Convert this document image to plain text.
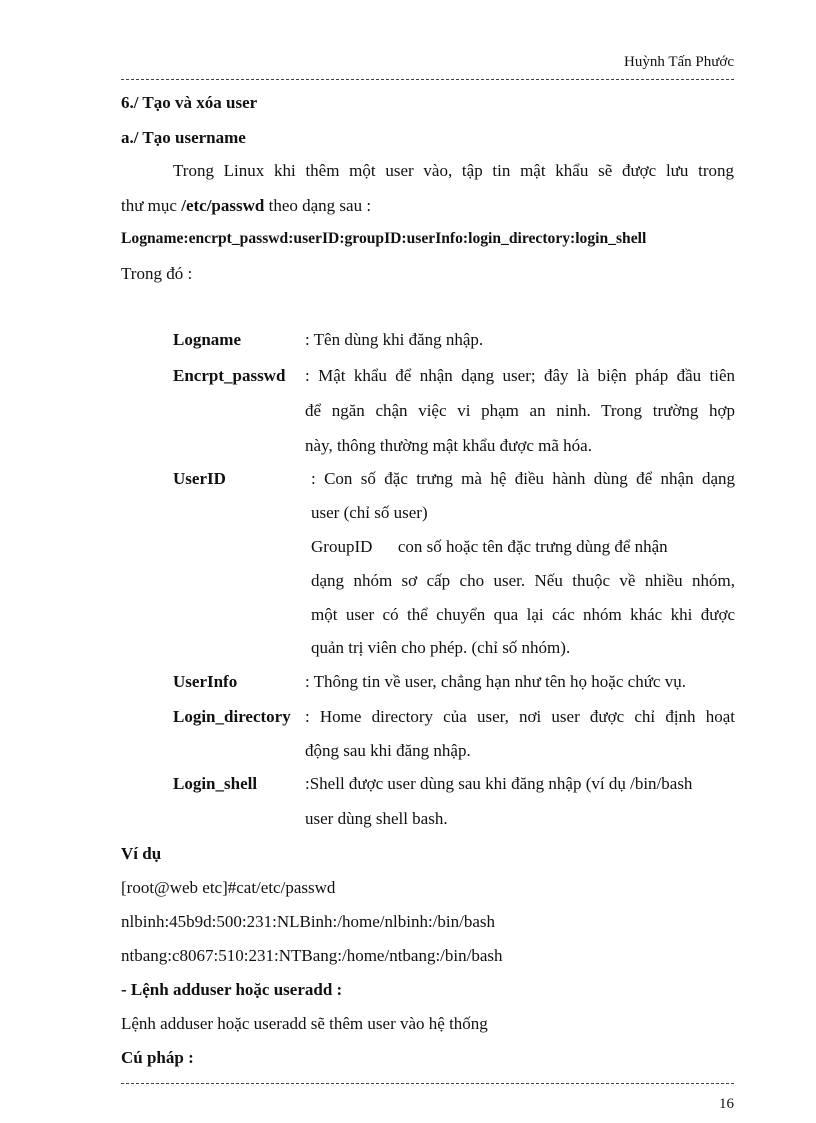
Huỳnh Tấn Phước
6./ Tạo và xóa user
a./ Tạo username
Trong Linux khi thêm một user vào, tập tin mật khẩu sẽ được lưu trong
thư mục /etc/passwd theo dạng sau :
Logname:encrpt_passwd:userID:groupID:userInfo:login_directory:login_shell
Trong đó :
Logname	: Tên dùng khi đăng nhập.
Encrpt_passwd : Mật khẩu để nhận dạng user; đây là biện pháp đầu tiên
để ngăn chận việc vi phạm an ninh. Trong trường hợp
này, thông thường mật khẩu được mã hóa.
UserID	: Con số đặc trưng mà hệ điều hành dùng để nhận dạng
user (chỉ số user)
GroupID      con số hoặc tên đặc trưng dùng để nhận
dạng nhóm sơ cấp cho user. Nếu thuộc về nhiều nhóm,
một user có thể chuyển qua lại các nhóm khác khi được
quản trị viên cho phép. (chỉ số nhóm).
UserInfo	: Thông tin về user, chẳng hạn như tên họ hoặc chức vụ.
Login_directory : Home directory của user, nơi user được chỉ định hoạt
động sau khi đăng nhập.
Login_shell	:Shell được user dùng sau khi đăng nhập (ví dụ /bin/bash
user dùng shell bash.
Ví dụ
[root@web etc]#cat/etc/passwd
nlbinh:45b9d:500:231:NLBinh:/home/nlbinh:/bin/bash
ntbang:c8067:510:231:NTBang:/home/ntbang:/bin/bash
- Lệnh adduser hoặc useradd :
Lệnh adduser hoặc useradd sẽ thêm user vào hệ thống
Cú pháp :
16
